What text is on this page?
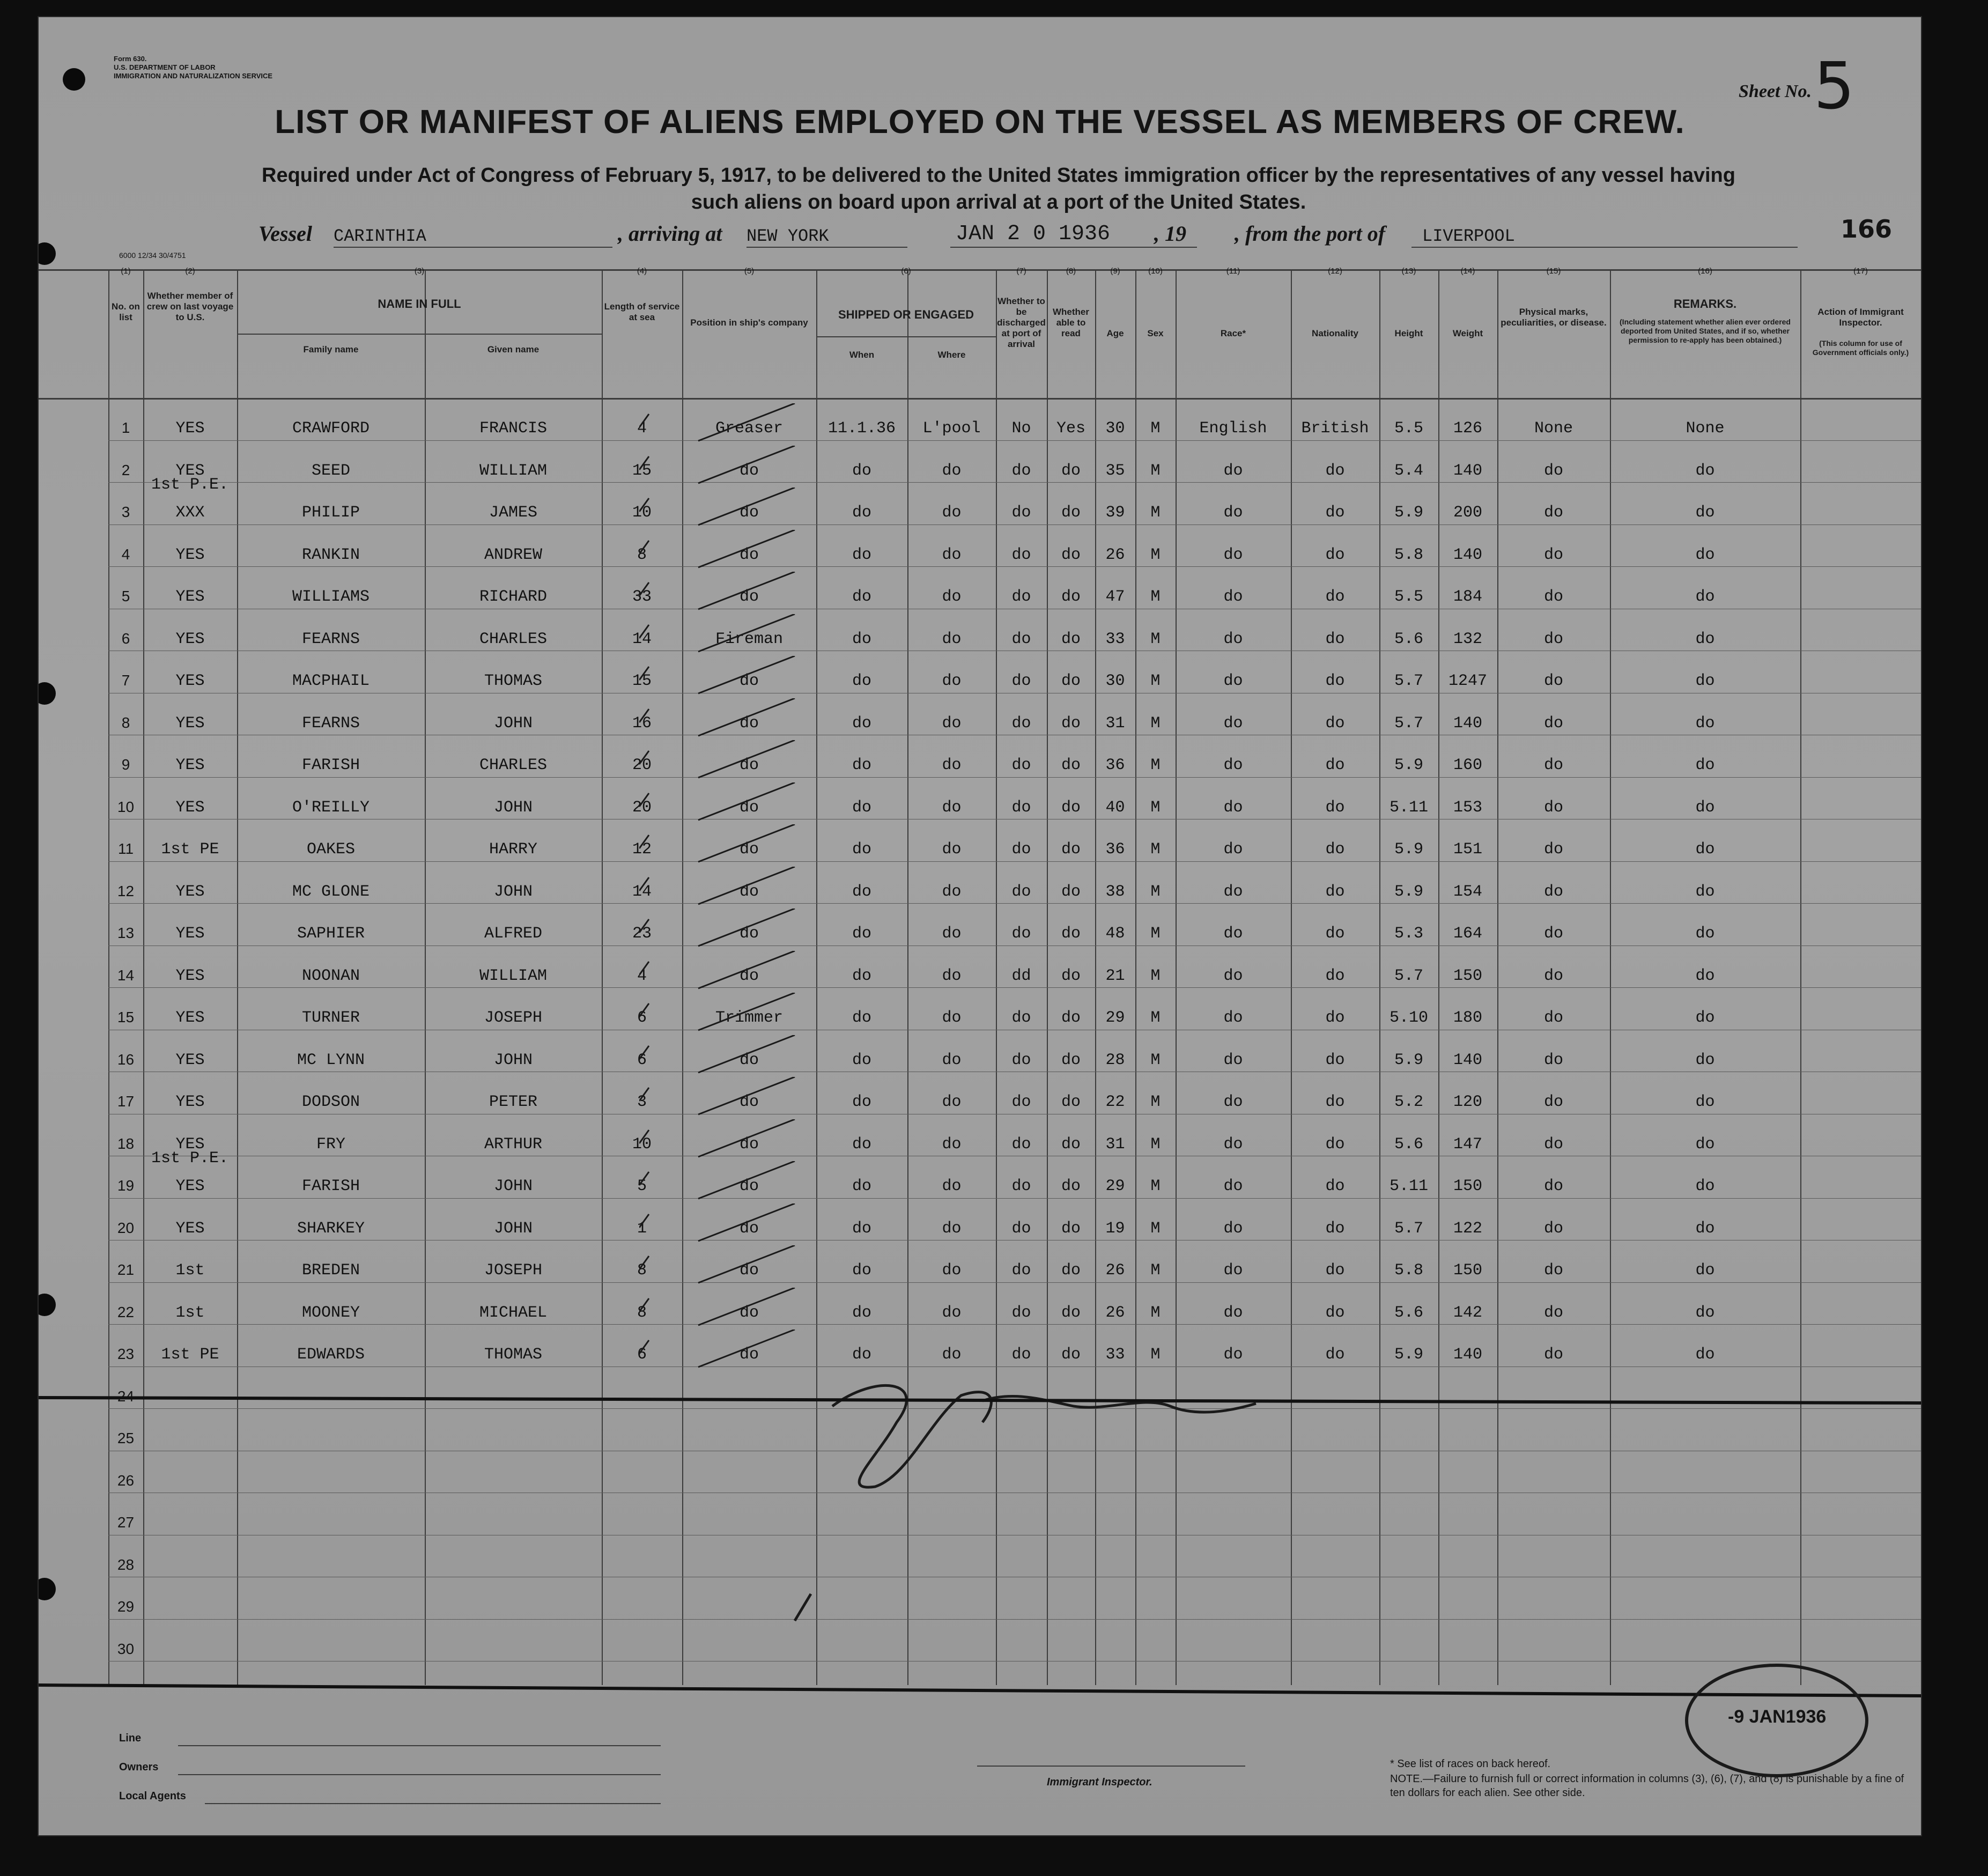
Form 630.
U.S. DEPARTMENT OF LABOR
IMMIGRATION AND NATURALIZATION SERVICE
Sheet No. 5
LIST OR MANIFEST OF ALIENS EMPLOYED ON THE VESSEL AS MEMBERS OF CREW.
Required under Act of Congress of February 5, 1917, to be delivered to the United States immigration officer by the representatives of any vessel having such aliens on board upon arrival at a port of the United States.
Vessel CARINTHIA	, arriving at NEW YORK	JAN 2 0 1936 , 19 , from the port of LIVERPOOL	166
6000 12/34 30/4751
No. on list
(1)
Whether member of crew on last voyage to U.S.
(2)
NAME IN FULL
(3)
Family name	Given name
Length of service at sea
(4)
Position in ship's company
(5)
SHIPPED OR ENGAGED
(6)
When	Where
Whether to be discharged at port of arrival
(7)
Whether able to read
(8)
Age
(9)
Sex
(10)
Race*
(11)
Nationality
(12)
Height
(13)
Weight
(14)
Physical marks, peculiarities, or disease.
(15)
REMARKS.
(16)
(Including statement whether alien ever ordered deported from United States, and if so, whether permission to re-apply has been obtained.)
Action of Immigrant Inspector.
(17)
(This column for use of Government officials only.)
1	YES	CRAWFORD	FRANCIS	4	Greaser	11.1.36	L'pool	No	Yes	30	M	English	British	5.5	126	None	None
2	YES	SEED	WILLIAM	15	do	do	do	do	do	35	M	do	do	5.4	140	do	do
1st P.E.
3	XXX	PHILIP	JAMES	10	do	do	do	do	do	39	M	do	do	5.9	200	do	do
4	YES	RANKIN	ANDREW	8	do	do	do	do	do	26	M	do	do	5.8	140	do	do
5	YES	WILLIAMS	RICHARD	33	do	do	do	do	do	47	M	do	do	5.5	184	do	do
6	YES	FEARNS	CHARLES	14	Fireman	do	do	do	do	33	M	do	do	5.6	132	do	do
7	YES	MACPHAIL	THOMAS	15	do	do	do	do	do	30	M	do	do	5.7	1247	do	do
8	YES	FEARNS	JOHN	16	do	do	do	do	do	31	M	do	do	5.7	140	do	do
9	YES	FARISH	CHARLES	20	do	do	do	do	do	36	M	do	do	5.9	160	do	do
10	YES	O'REILLY	JOHN	20	do	do	do	do	do	40	M	do	do	5.11	153	do	do
11	1st PE	OAKES	HARRY	12	do	do	do	do	do	36	M	do	do	5.9	151	do	do
12	YES	MC GLONE	JOHN	14	do	do	do	do	do	38	M	do	do	5.9	154	do	do
13	YES	SAPHIER	ALFRED	23	do	do	do	do	do	48	M	do	do	5.3	164	do	do
14	YES	NOONAN	WILLIAM	4	do	do	do	dd	do	21	M	do	do	5.7	150	do	do
15	YES	TURNER	JOSEPH	6	Trimmer	do	do	do	do	29	M	do	do	5.10	180	do	do
16	YES	MC LYNN	JOHN	6	do	do	do	do	do	28	M	do	do	5.9	140	do	do
17	YES	DODSON	PETER	3	do	do	do	do	do	22	M	do	do	5.2	120	do	do
18	YES	FRY	ARTHUR	10	do	do	do	do	do	31	M	do	do	5.6	147	do	do
1st P.E.
19	YES	FARISH	JOHN	5	do	do	do	do	do	29	M	do	do	5.11	150	do	do
20	YES	SHARKEY	JOHN	1	do	do	do	do	do	19	M	do	do	5.7	122	do	do
21	1st	BREDEN	JOSEPH	8	do	do	do	do	do	26	M	do	do	5.8	150	do	do
22	1st	MOONEY	MICHAEL	8	do	do	do	do	do	26	M	do	do	5.6	142	do	do
23	1st PE	EDWARDS	THOMAS	6	do	do	do	do	do	33	M	do	do	5.9	140	do	do
24
25
26
27
28
29
30
Line
Owners
Local Agents
Immigrant Inspector.
* See list of races on back hereof.
NOTE.—Failure to furnish full or correct information in columns (3), (6), (7), and (8) is punishable by a fine of ten dollars for each alien. See other side.
-9 JAN1936
